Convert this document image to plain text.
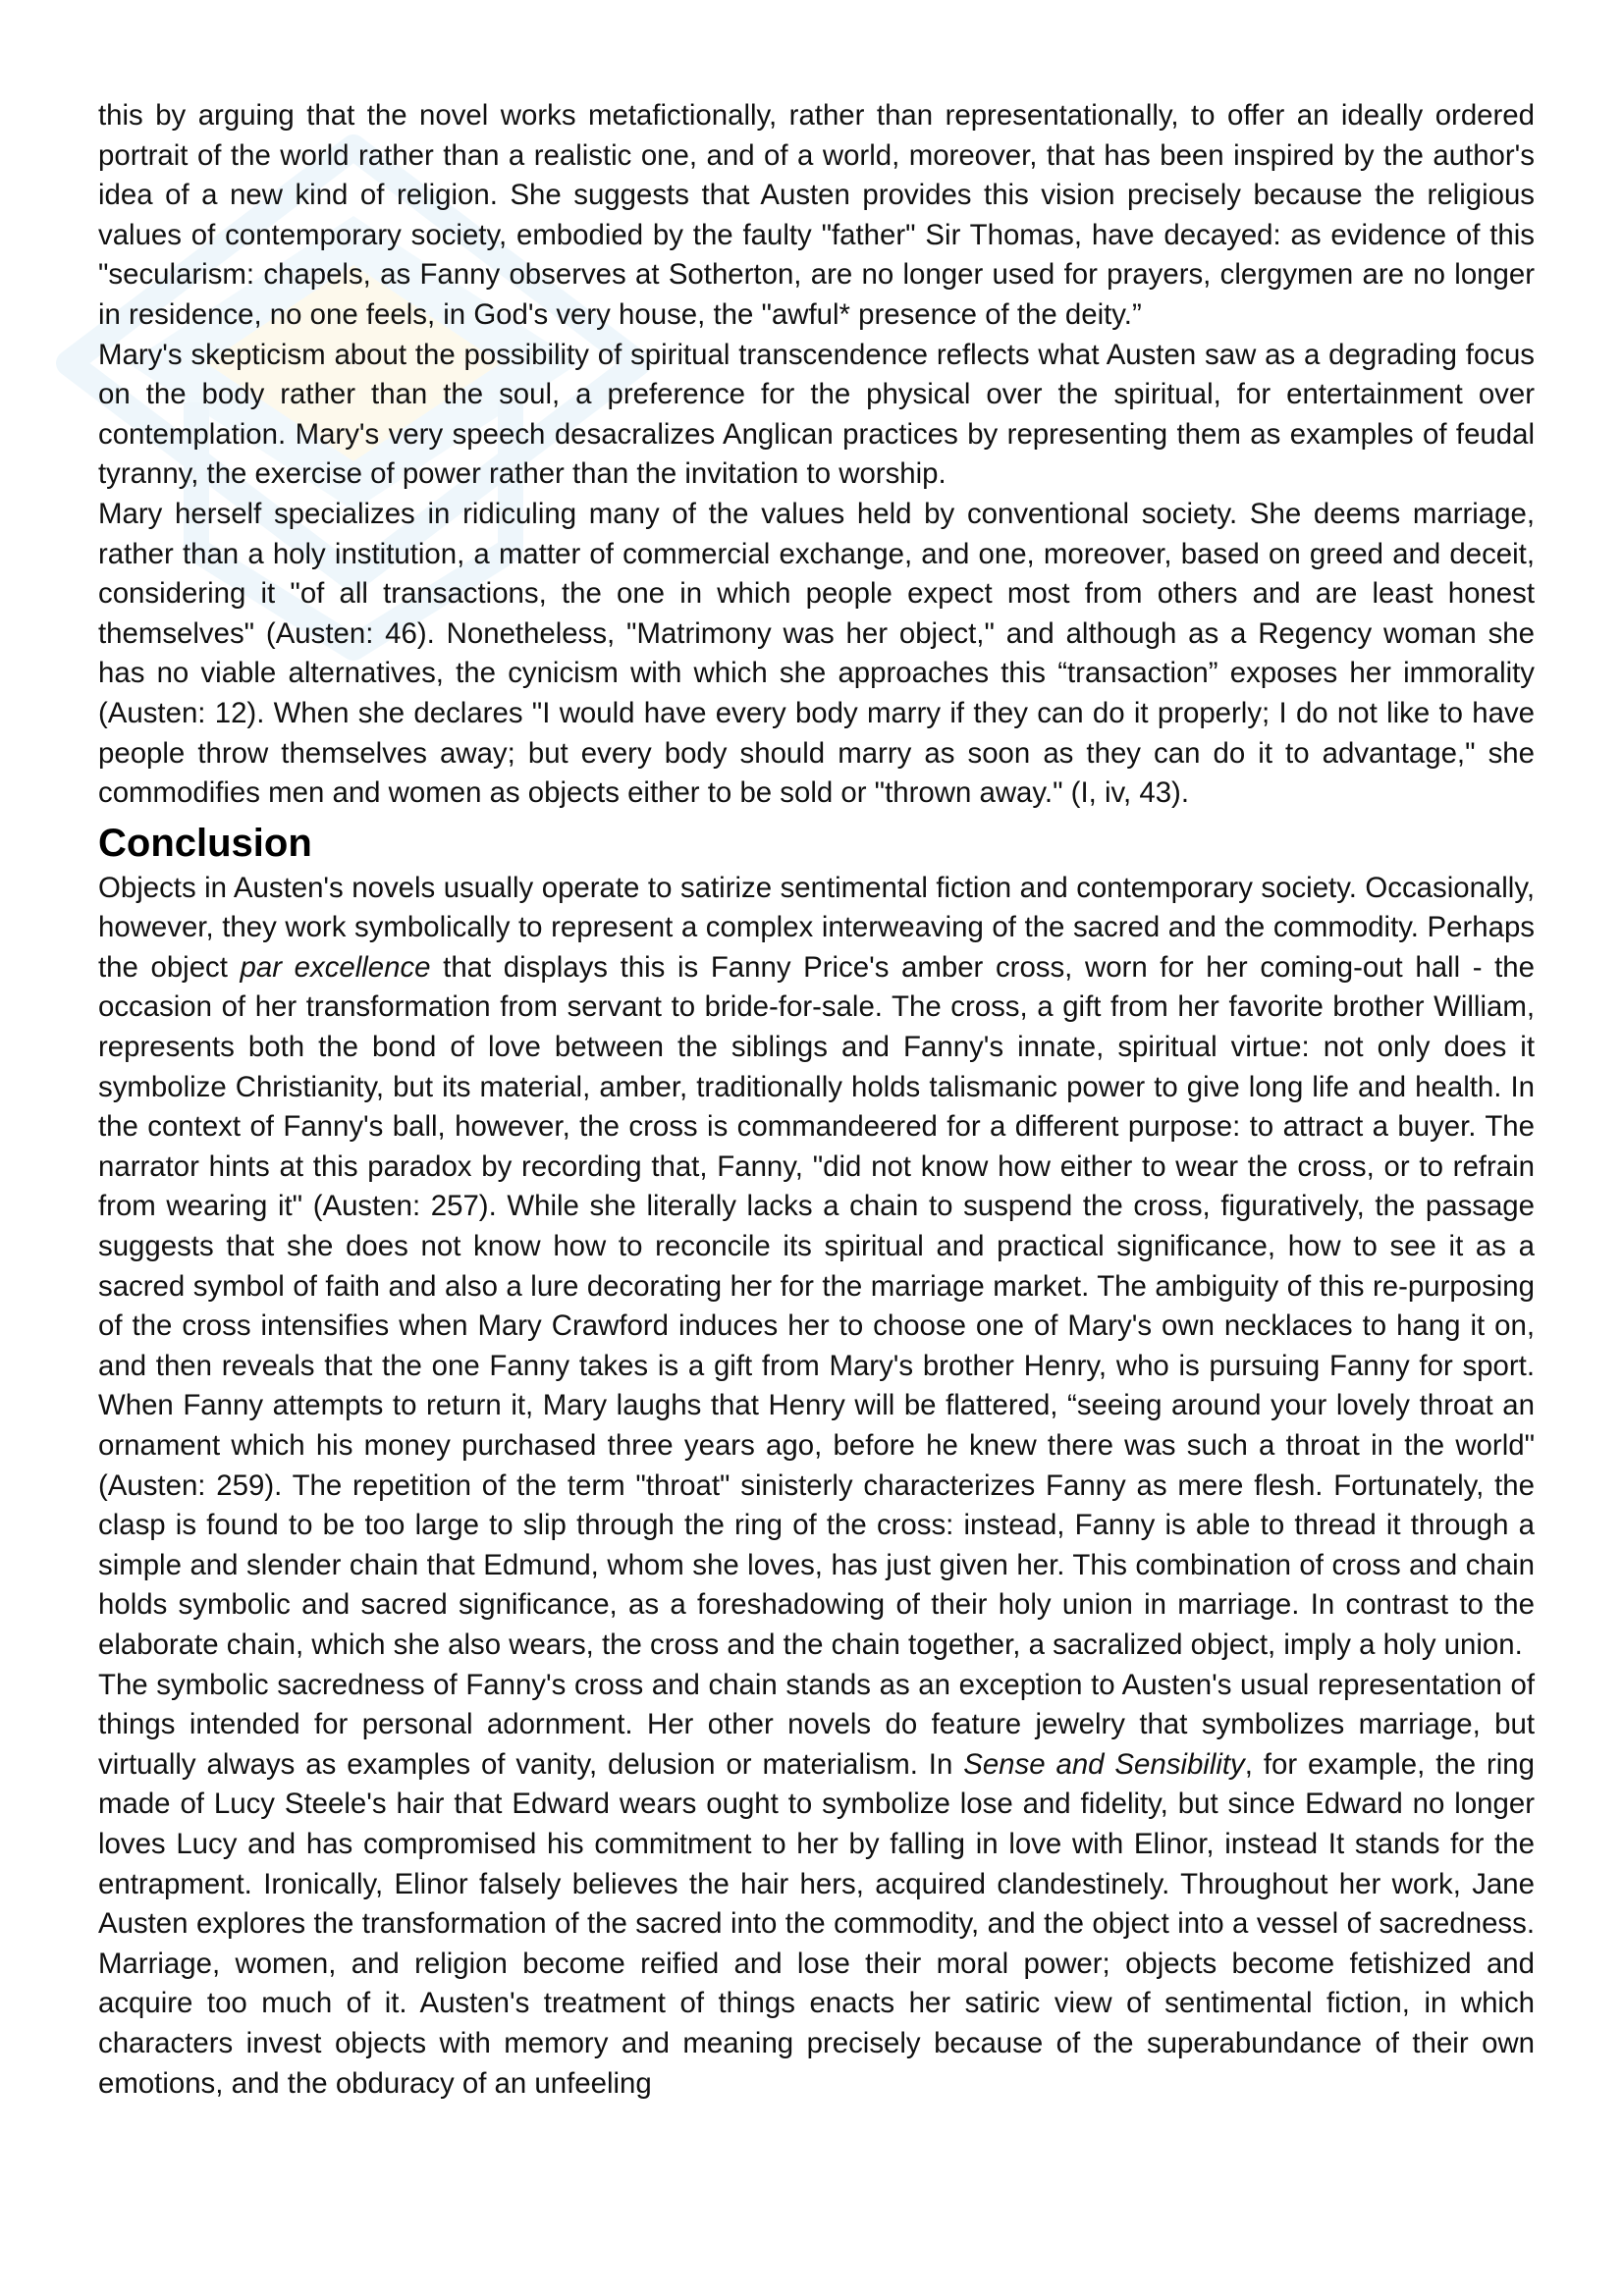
this by arguing that the novel works metafictionally, rather than representationally, to offer an ideally ordered portrait of the world rather than a realistic one, and of a world, moreover, that has been inspired by the author's idea of a new kind of religion. She suggests that Austen provides this vision precisely because the religious values of contemporary society, embodied by the faulty "father" Sir Thomas, have decayed: as evidence of this "secularism: chapels, as Fanny observes at Sotherton, are no longer used for prayers, clergymen are no longer in residence, no one feels, in God's very house, the "awful* presence of the deity.”

Mary's skepticism about the possibility of spiritual transcendence reflects what Austen saw as a degrading focus on the body rather than the soul, a preference for the physical over the spiritual, for entertainment over contemplation. Mary's very speech desacralizes Anglican practices by representing them as examples of feudal tyranny, the exercise of power rather than the invitation to worship.

Mary herself specializes in ridiculing many of the values held by conventional society. She deems marriage, rather than a holy institution, a matter of commercial exchange, and one, moreover, based on greed and deceit, considering it "of all transactions, the one in which people expect most from others and are least honest themselves" (Austen: 46). Nonetheless, "Matrimony was her object," and although as a Regency woman she has no viable alternatives, the cynicism with which she approaches this “transaction” exposes her immorality (Austen: 12). When she declares "I would have every body marry if they can do it properly; I do not like to have people throw themselves away; but every body should marry as soon as they can do it to advantage," she commodifies men and women as objects either to be sold or "thrown away." (I, iv, 43).

Conclusion

Objects in Austen's novels usually operate to satirize sentimental fiction and contemporary society. Occasionally, however, they work symbolically to represent a complex interweaving of the sacred and the commodity. Perhaps the object par excellence that displays this is Fanny Price's amber cross, worn for her coming-out hall - the occasion of her transformation from servant to bride-for-sale. The cross, a gift from her favorite brother William, represents both the bond of love between the siblings and Fanny's innate, spiritual virtue: not only does it symbolize Christianity, but its material, amber, traditionally holds talismanic power to give long life and health. In the context of Fanny's ball, however, the cross is commandeered for a different purpose: to attract a buyer. The narrator hints at this paradox by recording that, Fanny, "did not know how either to wear the cross, or to refrain from wearing it" (Austen: 257). While she literally lacks a chain to suspend the cross, figuratively, the passage suggests that she does not know how to reconcile its spiritual and practical significance, how to see it as a sacred symbol of faith and also a lure decorating her for the marriage market. The ambiguity of this re-purposing of the cross intensifies when Mary Crawford induces her to choose one of Mary's own necklaces to hang it on, and then reveals that the one Fanny takes is a gift from Mary's brother Henry, who is pursuing Fanny for sport. When Fanny attempts to return it, Mary laughs that Henry will be flattered, “seeing around your lovely throat an ornament which his money purchased three years ago, before he knew there was such a throat in the world" (Austen: 259). The repetition of the term "throat" sinisterly characterizes Fanny as mere flesh. Fortunately, the clasp is found to be too large to slip through the ring of the cross: instead, Fanny is able to thread it through a simple and slender chain that Edmund, whom she loves, has just given her. This combination of cross and chain holds symbolic and sacred significance, as a foreshadowing of their holy union in marriage. In contrast to the elaborate chain, which she also wears, the cross and the chain together, a sacralized object, imply a holy union.

The symbolic sacredness of Fanny's cross and chain stands as an exception to Austen's usual representation of things intended for personal adornment. Her other novels do feature jewelry that symbolizes marriage, but virtually always as examples of vanity, delusion or materialism. In Sense and Sensibility, for example, the ring made of Lucy Steele's hair that Edward wears ought to symbolize lose and fidelity, but since Edward no longer loves Lucy and has compromised his commitment to her by falling in love with Elinor, instead It stands for the entrapment. Ironically, Elinor falsely believes the hair hers, acquired clandestinely. Throughout her work, Jane Austen explores the transformation of the sacred into the commodity, and the object into a vessel of sacredness. Marriage, women, and religion become reified and lose their moral power; objects become fetishized and acquire too much of it. Austen's treatment of things enacts her satiric view of sentimental fiction, in which characters invest objects with memory and meaning precisely because of the superabundance of their own emotions, and the obduracy of an unfeeling
